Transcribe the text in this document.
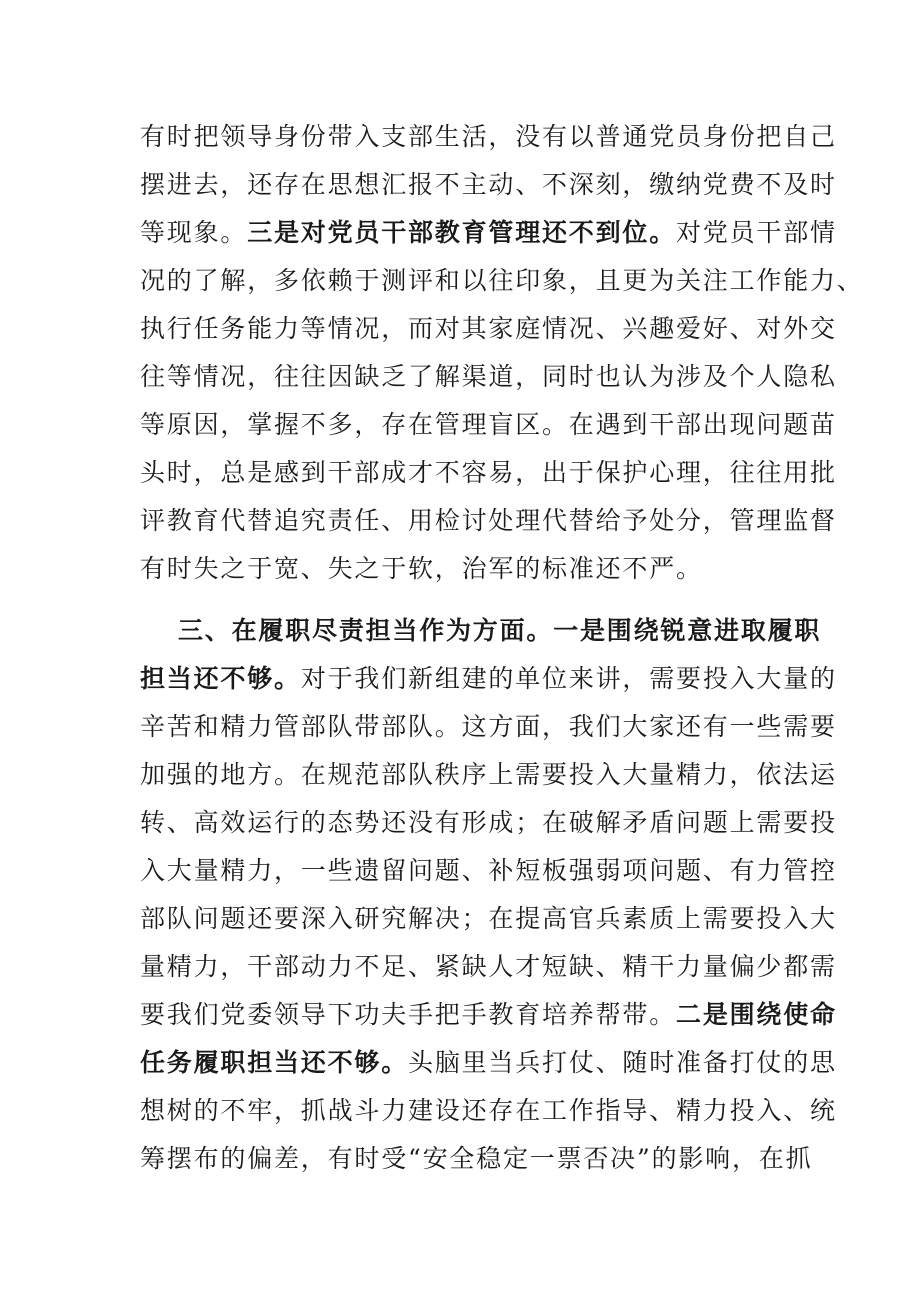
有时把领导身份带入支部生活，没有以普通党员身份把自己
摆进去，还存在思想汇报不主动、不深刻，缴纳党费不及时
等现象。三是对党员干部教育管理还不到位。对党员干部情
况的了解，多依赖于测评和以往印象，且更为关注工作能力、
执行任务能力等情况，而对其家庭情况、兴趣爱好、对外交
往等情况，往往因缺乏了解渠道，同时也认为涉及个人隐私
等原因，掌握不多，存在管理盲区。在遇到干部出现问题苗
头时，总是感到干部成才不容易，出于保护心理，往往用批
评教育代替追究责任、用检讨处理代替给予处分，管理监督
有时失之于宽、失之于软，治军的标准还不严。
三、在履职尽责担当作为方面。一是围绕锐意进取履职
担当还不够。对于我们新组建的单位来讲，需要投入大量的
辛苦和精力管部队带部队。这方面，我们大家还有一些需要
加强的地方。在规范部队秩序上需要投入大量精力，依法运
转、高效运行的态势还没有形成；在破解矛盾问题上需要投
入大量精力，一些遗留问题、补短板强弱项问题、有力管控
部队问题还要深入研究解决；在提高官兵素质上需要投入大
量精力，干部动力不足、紧缺人才短缺、精干力量偏少都需
要我们党委领导下功夫手把手教育培养帮带。二是围绕使命
任务履职担当还不够。头脑里当兵打仗、随时准备打仗的思
想树的不牢，抓战斗力建设还存在工作指导、精力投入、统
筹摆布的偏差，有时受“安全稳定一票否决”的影响，在抓
